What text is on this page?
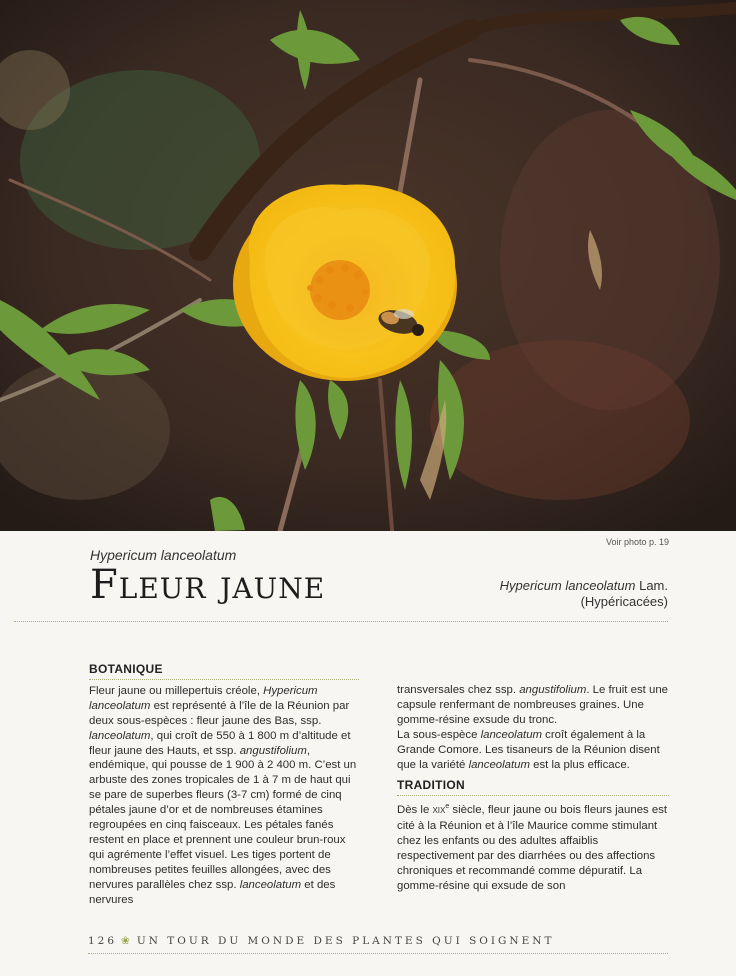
Voir photo p. 19
Hypericum lanceolatum
Fleur jaune	Hypericum lanceolatum Lam.
(Hypéricacées)
BOTANIQUE

Fleur jaune ou millepertuis créole, Hypericum lanceolatum est représenté à l’île de la Réunion par deux sous-espèces : fleur jaune des Bas, ssp. lanceolatum, qui croît de 550 à 1 800 m d’altitude et fleur jaune des Hauts, et ssp. angustifolium, endémique, qui pousse de 1 900 à 2 400 m. C’est un arbuste des zones tropicales de 1 à 7 m de haut qui se pare de superbes fleurs (3-7 cm) formé de cinq pétales jaune d’or et de nombreuses étamines regroupées en cinq faisceaux. Les pétales fanés restent en place et prennent une couleur brun-roux qui agrémente l’effet visuel. Les tiges portent de nombreuses petites feuilles allongées, avec des nervures parallèles chez ssp. lanceolatum et des nervures

transversales chez ssp. angustifolium. Le fruit est une capsule renfermant de nombreuses graines. Une gomme-résine exsude du tronc.
La sous-espèce lanceolatum croît également à la Grande Comore. Les tisaneurs de la Réunion disent que la variété lanceolatum est la plus efficace.

TRADITION

Dès le XIXe siècle, fleur jaune ou bois fleurs jaunes est cité à la Réunion et à l’île Maurice comme stimulant chez les enfants ou des adultes affaiblis respectivement par des diarrhées ou des affections chroniques et recommandé comme dépuratif. La gomme-résine qui exsude de son

126 ❀ UN TOUR DU MONDE DES PLANTES QUI SOIGNENT
